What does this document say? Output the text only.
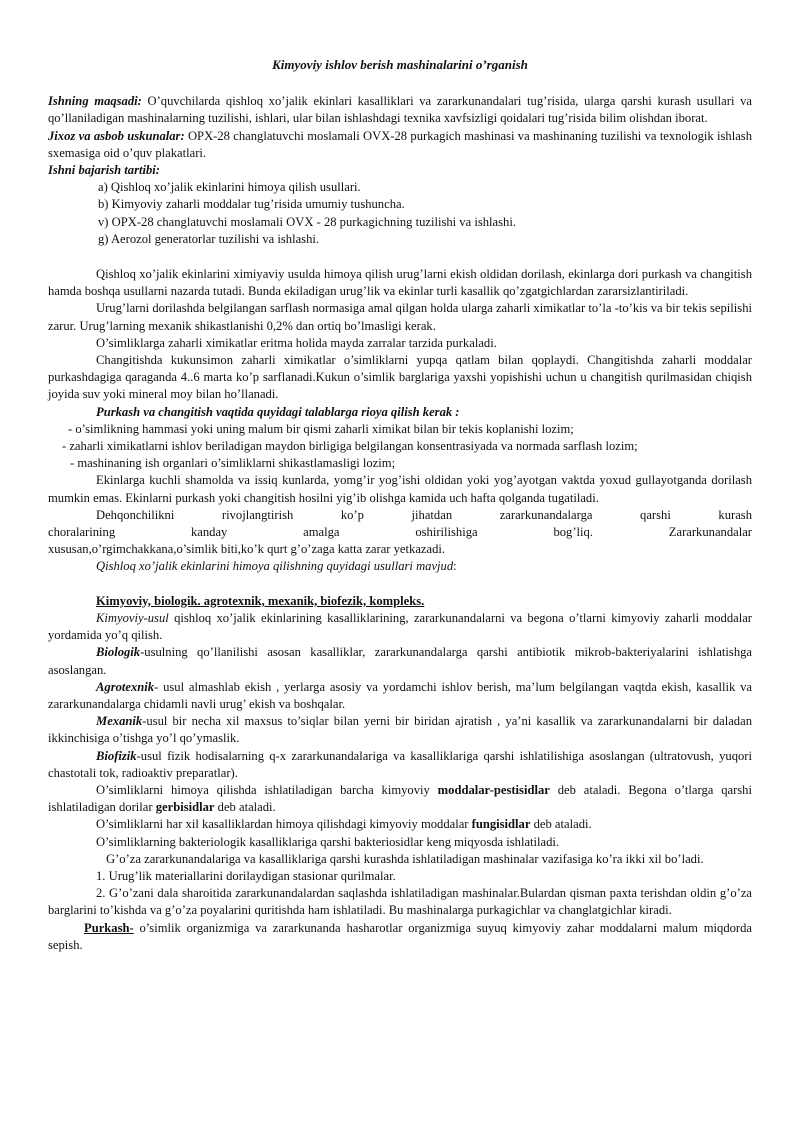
Kimyoviy ishlov berish mashinalarini o’rganish

Ishning maqsadi: O’quvchilarda qishloq xo’jalik ekinlari kasalliklari va zararkunandalari tug’risida, ularga qarshi kurash usullari va qo’llaniladigan mashinalarning tuzilishi, ishlari, ular bilan ishlashdagi texnika xavfsizligi qoidalari tug’risida bilim olishdan iborat.

Jixoz va asbob uskunalar: OPX-28 changlatuvchi moslamali OVX-28 purkagich mashinasi va mashinaning tuzilishi va texnologik ishlash sxemasiga oid o’quv plakatlari.

Ishni bajarish tartibi:

a) Qishloq xo’jalik ekinlarini himoya qilish usullari.
b) Kimyoviy zaharli moddalar tug’risida umumiy tushuncha.
v) OPX-28 changlatuvchi moslamali OVX - 28 purkagichning tuzilishi va ishlashi.
g) Aerozol generatorlar tuzilishi va ishlashi.

Qishloq xo’jalik ekinlarini ximiyaviy usulda himoya qilish urug’larni ekish oldidan dorilash, ekinlarga dori purkash va changitish hamda boshqa usullarni nazarda tutadi. Bunda ekiladigan urug’lik va ekinlar turli kasallik qo’zgatgichlardan zararsizlantiriladi.

Urug’larni dorilashda belgilangan sarflash normasiga amal qilgan holda ularga zaharli ximikatlar to’la -to’kis va bir tekis sepilishi zarur. Urug’larning mexanik shikastlanishi 0,2% dan ortiq bo’lmasligi kerak.

O’simliklarga zaharli ximikatlar eritma holida mayda zarralar tarzida purkaladi.

Changitishda kukunsimon zaharli ximikatlar o’simliklarni yupqa qatlam bilan qoplaydi. Changitishda zaharli moddalar purkashdagiga qaraganda 4..6 marta ko’p sarflanadi.Kukun o’simlik barglariga yaxshi yopishishi uchun u changitish qurilmasidan chiqish joyida suv yoki mineral moy bilan ho’llanadi.

Purkash va changitish vaqtida quyidagi talablarga rioya qilish kerak :

- o’simlikning hammasi yoki uning malum bir qismi zaharli ximikat bilan bir tekis koplanishi lozim;
- zaharli ximikatlarni ishlov beriladigan maydon birligiga belgilangan konsentrasiyada va normada sarflash lozim;
- mashinaning ish organlari o’simliklarni shikastlamasligi lozim;

Ekinlarga kuchli shamolda va issiq kunlarda, yomg’ir yog’ishi oldidan yoki yog’ayotgan vaktda yoxud gullayotganda dorilash mumkin emas. Ekinlarni purkash yoki changitish hosilni yig’ib olishga kamida uch hafta qolganda tugatiladi.

Dehqonchilikni rivojlangtirish ko’p jihatdan zararkunandalarga qarshi kurash

choralarining kanday amalga oshirilishiga bog’liq. Zararkunandalar

xususan,o’rgimchakkana,o’simlik biti,ko’k qurt g’o’zaga katta zarar yetkazadi.

Qishloq xo’jalik ekinlarini himoya qilishning quyidagi usullari mavjud:

Kimyoviy, biologik. agrotexnik, mexanik, biofezik, kompleks.

Kimyoviy-usul qishloq xo’jalik ekinlarining kasalliklarining, zararkunandalarni va begona o’tlarni kimyoviy zaharli moddalar yordamida yo’q qilish.

Biologik-usulning qo’llanilishi asosan kasalliklar, zararkunandalarga qarshi antibiotik mikrob-bakteriyalarini ishlatishga asoslangan.

Agrotexnik- usul almashlab ekish , yerlarga asosiy va yordamchi ishlov berish, ma’lum belgilangan vaqtda ekish, kasallik va zararkunandalarga chidamli navli urug’ ekish va boshqalar.

Mexanik-usul bir necha xil maxsus to’siqlar bilan yerni bir biridan ajratish , ya’ni kasallik va zararkunandalarni bir daladan ikkinchisiga o’tishga yo’l qo’ymaslik.

Biofizik-usul fizik hodisalarning q-x zararkunandalariga va kasalliklariga qarshi ishlatilishiga asoslangan (ultratovush, yuqori chastotali tok, radioaktiv preparatlar).

O’simliklarni himoya qilishda ishlatiladigan barcha kimyoviy moddalar-pestisidlar deb ataladi. Begona o’tlarga qarshi ishlatiladigan dorilar gerbisidlar deb ataladi.

O’simliklarni har xil kasalliklardan himoya qilishdagi kimyoviy moddalar fungisidlar deb ataladi.

O’simliklarning bakteriologik kasalliklariga qarshi bakteriosidlar keng miqyosda ishlatiladi.

G’o’za zararkunandalariga va kasalliklariga qarshi kurashda ishlatiladigan mashinalar vazifasiga ko’ra ikki xil bo’ladi.

1. Urug’lik materiallarini dorilaydigan stasionar qurilmalar.

2. G’o’zani dala sharoitida zararkunandalardan saqlashda ishlatiladigan mashinalar.Bulardan qisman paxta terishdan oldin g’o’za barglarini to’kishda va g’o’za poyalarini quritishda ham ishlatiladi. Bu mashinalarga purkagichlar va changlatgichlar kiradi.

Purkash- o’simlik organizmiga va zararkunanda hasharotlar organizmiga suyuq kimyoviy zahar moddalarni malum miqdorda sepish.
